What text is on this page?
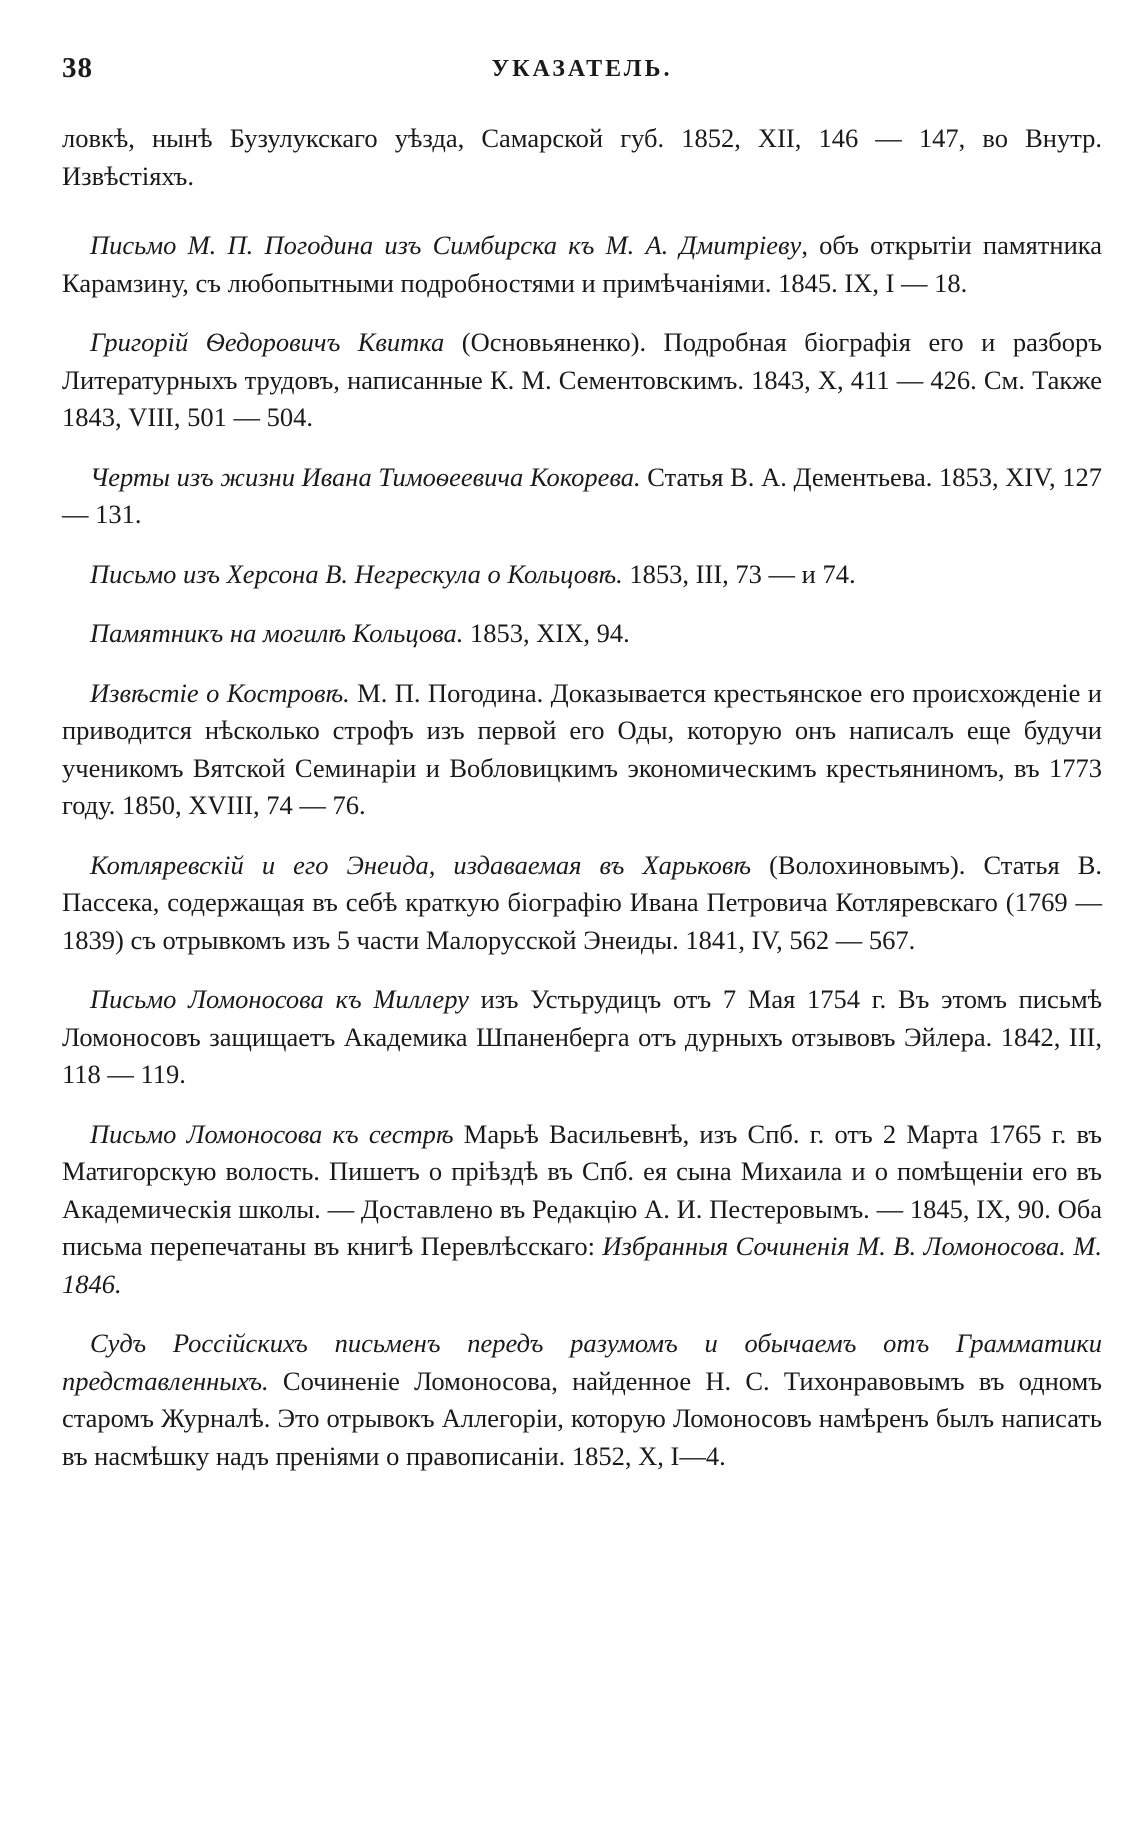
38	УКАЗАТЕЛЬ.

ловкѣ, нынѣ Бузулукскаго уѣзда, Самарской губ. 1852, XII, 146 — 147, во Внутр. Извѣстіяхъ.

Письмо М. П. Погодина изъ Симбирска къ М. А. Дмитріеву, объ открытіи памятника Карамзину, съ любопытными подробностями и примѣчаніями. 1845. IX, I — 18.

Григорій Ѳедоровичъ Квитка (Основьяненко). Подробная біографія его и разборъ Литературныхъ трудовъ, написанные К. М. Сементовскимъ. 1843, X, 411 — 426. См. Также 1843, VIII, 501 — 504.

Черты изъ жизни Ивана Тимоѳеевича Кокорева. Статья В. А. Дементьева. 1853, XIV, 127 — 131.

Письмо изъ Херсона В. Негрескула о Кольцовѣ. 1853, III, 73 — и 74.

Памятникъ на могилѣ Кольцова. 1853, XIX, 94.

Извѣстіе о Костровѣ. М. П. Погодина. Доказывается крестьянское его происхожденіе и приводится нѣсколько строфъ изъ первой его Оды, которую онъ написалъ еще будучи ученикомъ Вятской Семинаріи и Вобловицкимъ экономическимъ крестьяниномъ, въ 1773 году. 1850, XVIII, 74 — 76.

Котляревскій и его Энеида, издаваемая въ Харьковѣ (Волохиновымъ). Статья В. Пассека, содержащая въ себѣ краткую біографію Ивана Петровича Котляревскаго (1769 — 1839) съ отрывкомъ изъ 5 части Малорусской Энеиды. 1841, IV, 562 — 567.

Письмо Ломоносова къ Миллеру изъ Устьрудицъ отъ 7 Мая 1754 г. Въ этомъ письмѣ Ломоносовъ защищаетъ Академика Шпаненберга отъ дурныхъ отзывовъ Эйлера. 1842, III, 118 — 119.

Письмо Ломоносова къ сестрѣ Марьѣ Васильевнѣ, изъ Спб. г. отъ 2 Марта 1765 г. въ Матигорскую волость. Пишетъ о пріѣздѣ въ Спб. ея сына Михаила и о помѣщеніи его въ Академическія школы. — Доставлено въ Редакцію А. И. Пестеровымъ. — 1845, IX, 90. Оба письма перепечатаны въ книгѣ Перевлѣсскаго: Избранныя Сочиненія М. В. Ломоносова. М. 1846.

Судъ Россійскихъ письменъ передъ разумомъ и обычаемъ отъ Грамматики представленныхъ. Сочиненіе Ломоносова, найденное Н. С. Тихонравовымъ въ одномъ старомъ Журналѣ. Это отрывокъ Аллегоріи, которую Ломоносовъ намѣренъ былъ написать въ насмѣшку надъ преніями о правописаніи. 1852, X, I—4.
